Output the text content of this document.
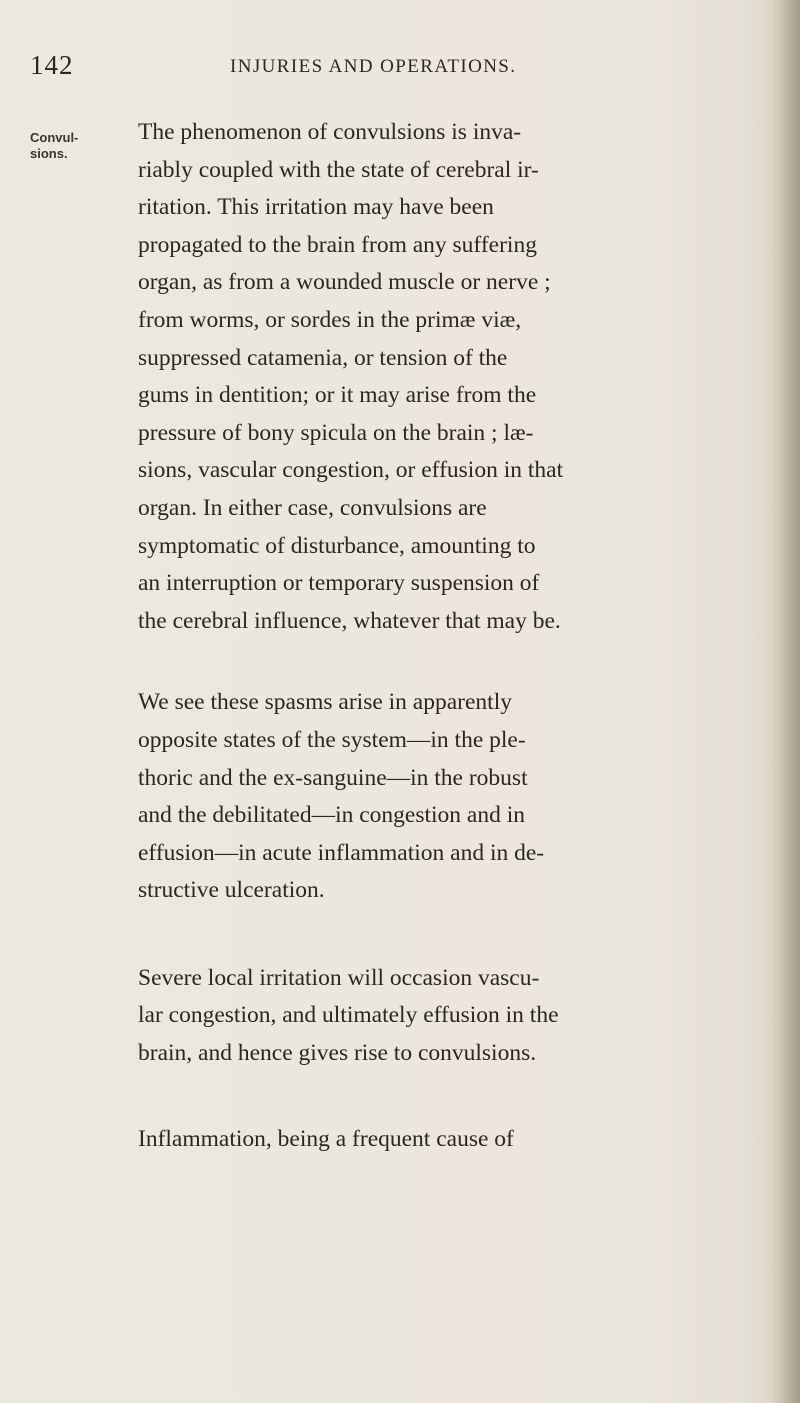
142	INJURIES AND OPERATIONS.
Convul-
sions.

The phenomenon of convulsions is inva-
riably coupled with the state of cerebral ir-
ritation. This irritation may have been
propagated to the brain from any suffering
organ, as from a wounded muscle or nerve ;
from worms, or sordes in the primæ viæ,
suppressed catamenia, or tension of the
gums in dentition; or it may arise from the
pressure of bony spicula on the brain ; læ-
sions, vascular congestion, or effusion in that
organ. In either case, convulsions are
symptomatic of disturbance, amounting to
an interruption or temporary suspension of
the cerebral influence, whatever that may be.

We see these spasms arise in apparently
opposite states of the system—in the ple-
thoric and the ex-sanguine—in the robust
and the debilitated—in congestion and in
effusion—in acute inflammation and in de-
structive ulceration.

Severe local irritation will occasion vascu-
lar congestion, and ultimately effusion in the
brain, and hence gives rise to convulsions.

Inflammation, being a frequent cause of
